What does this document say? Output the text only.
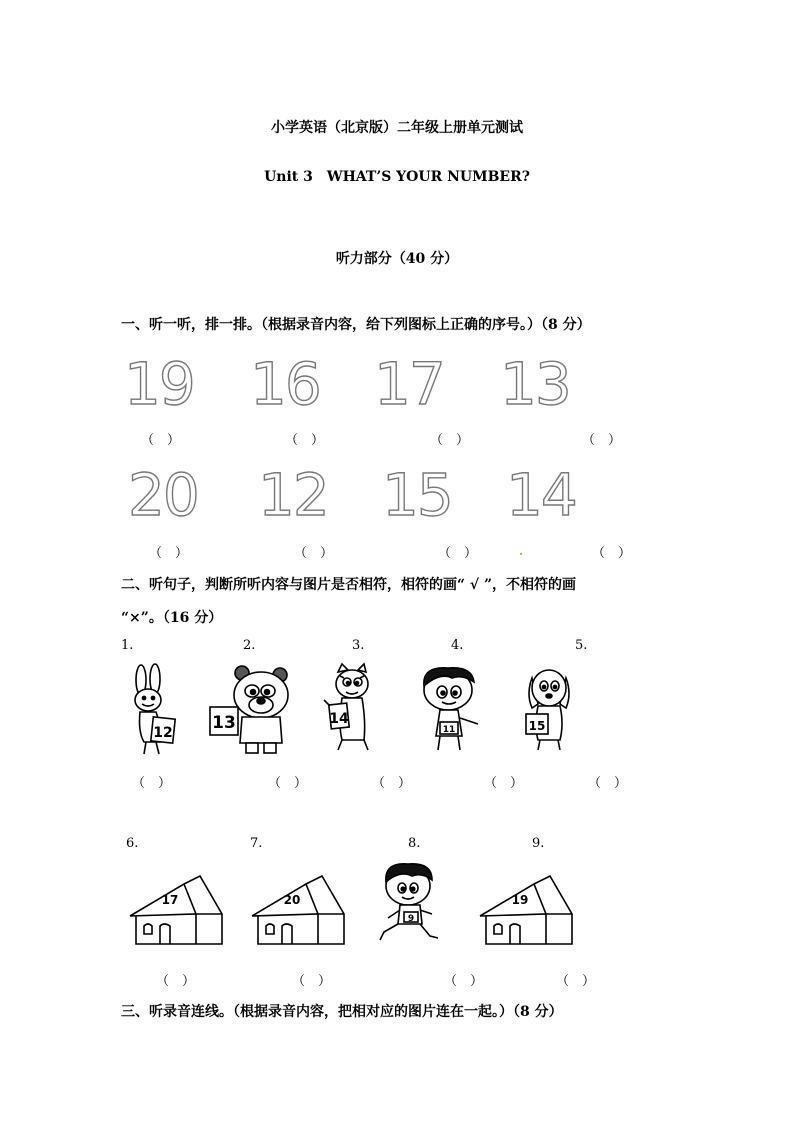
小学英语（北京版）二年级上册单元测试
Unit 3　WHAT’S YOUR NUMBER?
听力部分（40 分）
一、听一听，排一排。（根据录音内容，给下列图标上正确的序号。）（8 分）
19 16 17 13
（　）	（　）	（　）	（　）
20 12 15 14
（　）	（　）	（　）	.	（　）
二、听句子，判断所听内容与图片是否相符，相符的画“ √ ”，不相符的画
“×”。（16 分）
1.	2.	3.	4.	5.
12 13	14
11	15
（　）	（　）	（　）	（　）	（　）
6.	7.	8.	9.
17	20
9
19
（　）	（　）	（　）	（　）
三、听录音连线。（根据录音内容，把相对应的图片连在一起。）（8 分）
